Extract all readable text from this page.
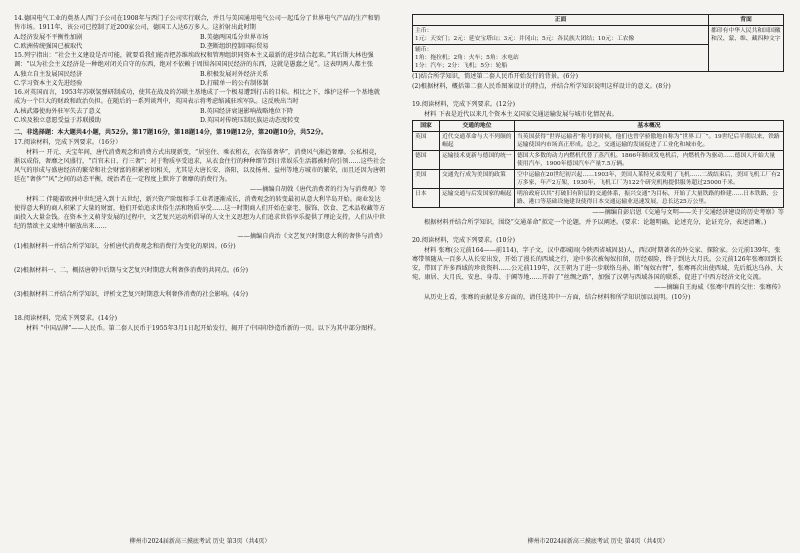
14.德国电气工业的奠基人西门子公司在1908年与西门子公司实行联合，并且与美国通用电气公司一起瓜分了世界电气产品的生产和销售市场。1911年，该公司已控制了近200家公司，德国工人达6万多人。这折射出此时期

A.经济发展不平衡性加剧	B.美德两国瓜分世界市场
C.欧洲传统强国已被取代	D.垄断组织控制国际贸易

15.列宁指出：“社会主义建设是否可能，就要看我们能否把苏维埃政权和管理组织同资本主义最新的进步结合起来。”其后斯大林也强调：“以为社会主义经济是一种绝对闭关自守的东西，绝对不依赖于周围各国国民经济的东西，这就是愚蠢之见”。这表明两人都主张

A.独立自主发展国民经济	B.积极发展对外经济关系
C.学习资本主义先进经验	D.打破单一的公有制体制

16.对英国而言，1953年苏联氢弹研制成功，使其在战及的苏联主基地成了一个极易遭到打击的目标。相比之下，维护这样一个基地就成为一个巨大的财政和政治负担。在随后的一系列谈判中，英国表示将考虑缩减驻埃军队。这反映出当时

A.核武器使海外驻军失去了意义	B.英国经济衰退影响战略地位下降
C.埃及独立意愿受益于苏联援助	D.英国对传统压制民族运动态度转变

二、非选择题：本大题共4小题，共52分。第17题16分，第18题14分，第19题12分，第20题10分，共52分。

17.阅读材料，完成下列要求。（16分）

材料一 开元、天宝年间，唐代消费观念和消费方式出现新变，“居室住、乘衣租衣，衣饰慕奢华”，消费风气渐趋奢靡。公私相竞，渐以成俗，奢靡之风盛行，“百官未日、行三奢”；对于物质享受追求，从衣食住行的种种细节到日常娱乐生活都被时尚引领……这些社会风气的形成与盛唐经济的繁荣和社会财富的积累密切相关，尤其是大唐长安、洛阳，以及扬州、益州等地方城市的繁荣，而且还因为唐朝廷在“奢侈”“风”之间的动态平衡，统治者在一定程度上默许了奢靡的消费行为。

——摘编自胡戟《唐代消费者的行为与消费观》等

材料二 伴随着欧洲中世纪进入到十五世纪，新兴资产阶级和手工业者逐渐成长，消费观念的转变最初从意大利半岛开始。商业发达使得意大利的商人积累了大量的财富，他们开始追求世俗生活和物质享受……这一时期商人们开始在豪宅、服饰、饮食、艺术品收藏等方面投入大量金钱。在资本主义萌芽发展的过程中，文艺复兴运动所倡导的人文主义思想为人们追求世俗享乐提供了理论支持，人们从中世纪的禁欲主义束缚中解放出来……

——摘编自尚治《文艺复兴时期意大利的奢侈与消费》

(1)根据材料一并结合所学知识，分析唐代消费观念和消费行为变化的原因。(6分)

(2)根据材料一、二，概括唐朝中后期与文艺复兴时期意大利奢侈消费的共同点。(6分)

(3)根据材料二并结合所学知识，评析文艺复兴时期意大利奢侈消费的社会影响。(4分)

18.阅读材料，完成下列要求。(14分)

材料 “中国品牌”——人民币。第二套人民币于1955年3月1日起开始发行，揭开了中国印钞造币新的一页。以下为其中部分图样。

柳州市2024届新高三摸底考试 历史 第3页（共4页）
正面	背面

主币：
1元：天安门；2元：延安宝塔山；3元：井冈山；5元：各民族大团结；10元：工农像	都印有中华人民共和国国徽和汉、蒙、维、藏四种文字

辅币：
1角：拖拉机；2角：火车；5角：水电站
1分：汽车；2分：飞机；5分：轮船	

(1)结合所学知识，简述第二套人民币开始发行的背景。(6分)

(2)根据材料，概括第二套人民币图案设计的特点，并结合所学知识说明这样设计的意义。(8分)

19.阅读材料，完成下列要求。(12分)

材料 下表是近代以来几个资本主义国家交通运输发展与城市化情况表。

国家	交通的地位	基本概况
英国	近代交通革命与大不列颠的崛起	当英国获得“世界运输者”称号的时候，他们也曾学骄傲地自称为“世界工厂”。19世纪后半期以来，铁路运输使国内市场真正形成。总之，交通运输的发展促进了工业化和城市化。
德国	运输技术更新与德国的统一	德国大多数的动力内燃机代替了蒸汽机。1866年制成发电机后，内燃机作为驱动……德国人开始大量使用汽车，1900年德国汽车产量7.5万辆。
美国	交通先行成为美国的政策	空中运输在20世纪初兴起……1903年，美国人莱特兄弟发明了飞机……二战结束后，美国飞机工厂有2万多家，年产2万架，1930年，飞机工厂为122个研究机构提供服务超过25000千米。
日本	运输交通与后发国家的崛起	明治政府以其“打破旧有阶层的交通体系，振兴交通”为目标，开始了大量铁路的修建……日本铁路、公路、港口等基础设施建设使得日本交通运输业迅速发展，总长达25万公里。

——摘编自彭启恩《交通与文明——关于交通经济建设的历史考察》等

根据材料并结合所学知识，围绕“交通革命”拟定一个论题，并予以阐述。(要求：论题明确，论述充分，论证充分，表述清晰。)

20.阅读材料，完成下列要求。(10分)

材料 张骞(公元前164——前114)，字子文，汉中郡城固(今陕西省城固县)人，西汉时期著名的外交家、探险家。公元前139年，张骞带领随从一百多人从长安出发，开始了漫长的西域之行，途中多次被匈奴扣留，历经艰险，终于到达大月氏。公元前126年张骞回到长安，带回了许多西域的珍贵资料……公元前119年，汉王朝为了进一步联络乌孙，断“匈奴右臂”，张骞再次出使西域，先后抵达乌孙、大宛、康居、大月氏、安息、身毒、于阗等地……开辟了“丝绸之路”，加强了汉朝与西域各国的联系，促进了中西方经济文化交流。

——摘编自王海威《张骞中西的交往：张骞传》

从历史上看，张骞的贡献是多方面的，请任选其中一方面，结合材料和所学知识加以说明。(10分)

柳州市2024届新高三摸底考试 历史 第4页（共4页）
